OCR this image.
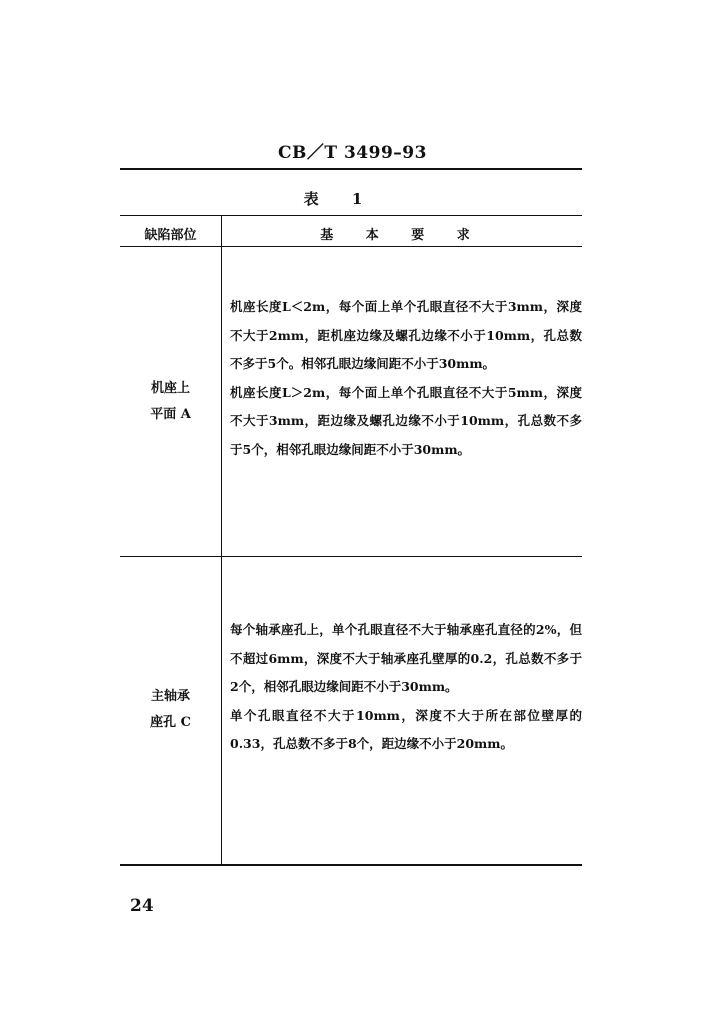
CB／T 3499–93
表 1
缺陷部位	基 本 要 求
机座上
平面 A

机座长度L＜2m，每个面上单个孔眼直径不大于3mm，深度不大于2mm，距机座边缘及螺孔边缘不小于10mm，孔总数不多于5个。相邻孔眼边缘间距不小于30mm。

机座长度L＞2m，每个面上单个孔眼直径不大于5mm，深度不大于3mm，距边缘及螺孔边缘不小于10mm，孔总数不多于5个，相邻孔眼边缘间距不小于30mm。

主轴承
座孔 C

每个轴承座孔上，单个孔眼直径不大于轴承座孔直径的2%，但不超过6mm，深度不大于轴承座孔壁厚的0.2，孔总数不多于2个，相邻孔眼边缘间距不小于30mm。

单个孔眼直径不大于10mm，深度不大于所在部位壁厚的0.33，孔总数不多于8个，距边缘不小于20mm。

24
